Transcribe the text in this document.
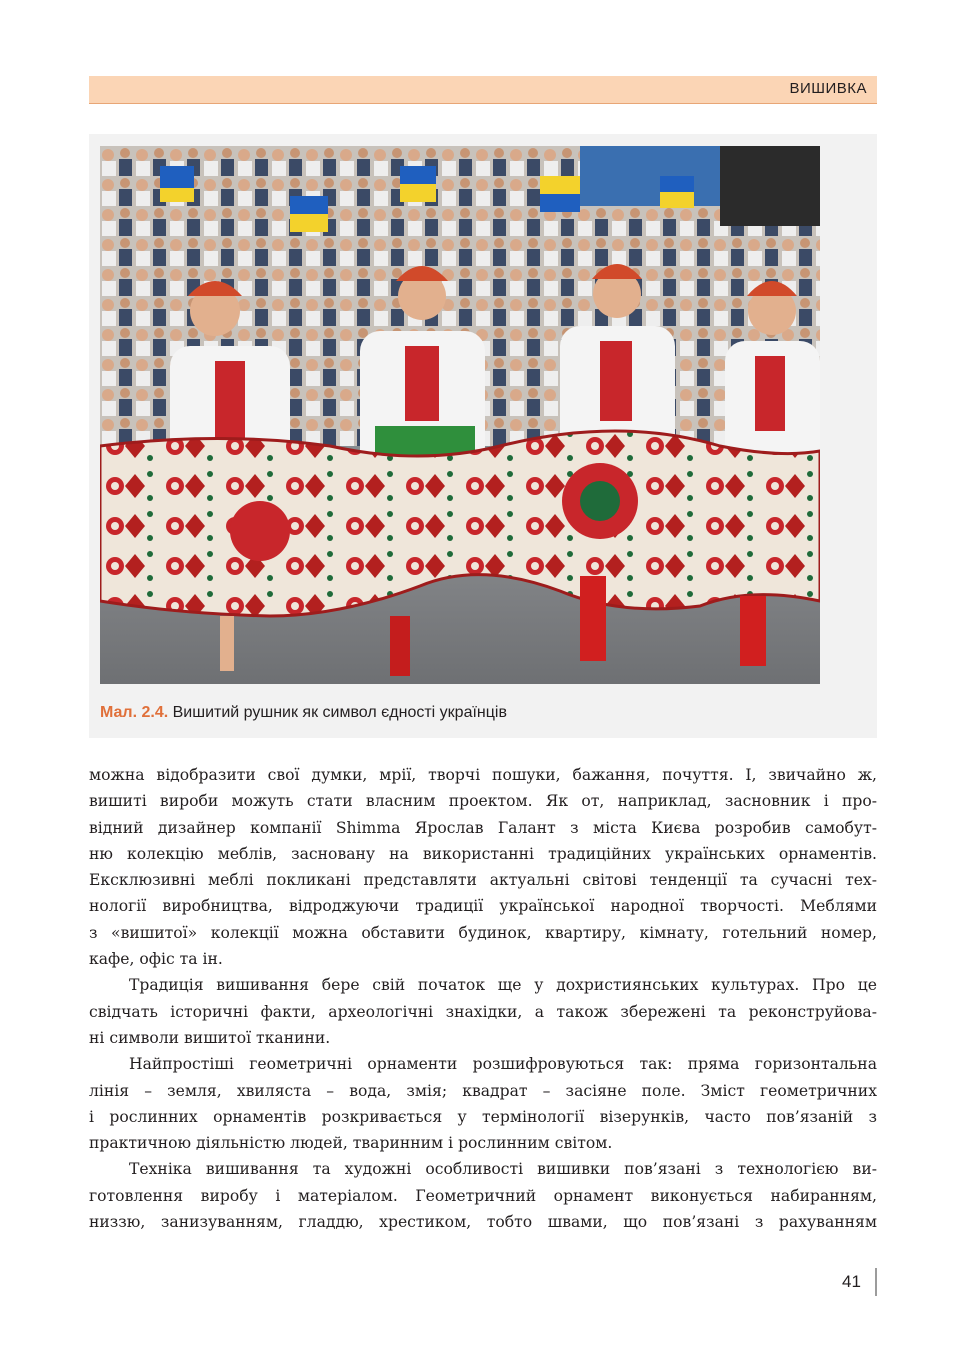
ВИШИВКА
Мал. 2.4. Вишитий рушник як символ єдності українців
можна відобразити свої думки, мрії, творчі пошуки, бажання, почуття. І, звичайно ж,
вишиті вироби можуть стати власним проектом. Як от, наприклад, засновник і про-
відний дизайнер компанії Shimma Ярослав Галант з міста Києва розробив самобут-
ню колекцію меблів, засновану на використанні традиційних українських орнаментів.
Ексклюзивні меблі покликані представляти актуальні світові тенденції та сучасні тех-
нології виробництва, відроджуючи традиції української народної творчості. Меблями
з «вишитої» колекції можна обставити будинок, квартиру, кімнату, готельний номер,
кафе, офіс та ін.
Традиція вишивання бере свій початок ще у дохристиянських культурах. Про це
свідчать історичні факти, археологічні знахідки, а також збережені та реконструйова-
ні символи вишитої тканини.
Найпростіші геометричні орнаменти розшифровуються так: пряма горизонтальна
лінія – земля, хвиляста – вода, змія; квадрат – засіяне поле. Зміст геометричних
і рослинних орнаментів розкривається у термінології візерунків, часто пов’язаній з
практичною діяльністю людей, тваринним і рослинним світом.
Техніка вишивання та художні особливості вишивки пов’язані з технологією ви-
готовлення виробу і матеріалом. Геометричний орнамент виконується набиранням,
низзю, занизуванням, гладдю, хрестиком, тобто швами, що пов’язані з рахуванням
41
